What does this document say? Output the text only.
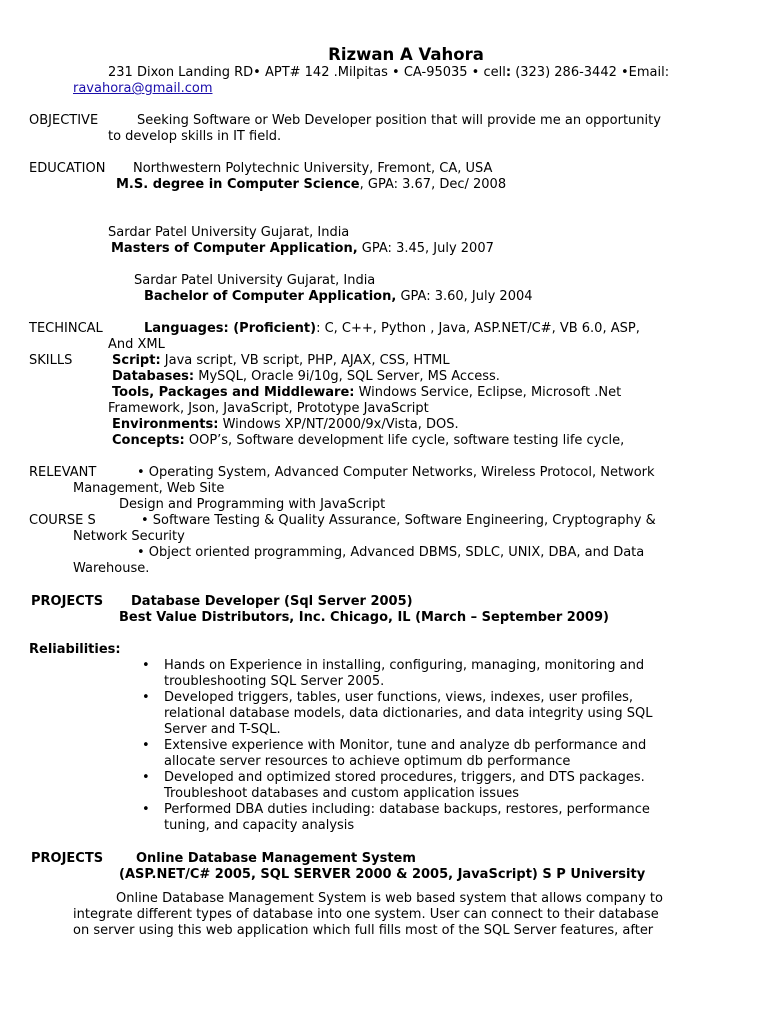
Rizwan A Vahora
231 Dixon Landing RD• APT# 142 .Milpitas • CA-95035 • cell: (323) 286-3442 •Email:
ravahora@gmail.com
OBJECTIVE	Seeking Software or Web Developer position that will provide me an opportunity
to develop skills in IT field.
EDUCATION Northwestern Polytechnic University, Fremont, CA, USA
M.S. degree in Computer Science, GPA: 3.67, Dec/ 2008
Sardar Patel University Gujarat, India
Masters of Computer Application, GPA: 3.45, July 2007
Sardar Patel University Gujarat, India
Bachelor of Computer Application, GPA: 3.60, July 2004
TECHINCAL	Languages: (Proficient): C, C++, Python , Java, ASP.NET/C#, VB 6.0, ASP,
And XML
SKILLS	Script: Java script, VB script, PHP, AJAX, CSS, HTML
Databases: MySQL, Oracle 9i/10g, SQL Server, MS Access.
Tools, Packages and Middleware: Windows Service, Eclipse, Microsoft .Net
Framework, Json, JavaScript, Prototype JavaScript
Environments: Windows XP/NT/2000/9x/Vista, DOS.
Concepts: OOP’s, Software development life cycle, software testing life cycle,
RELEVANT	• Operating System, Advanced Computer Networks, Wireless Protocol, Network
Management, Web Site
Design and Programming with JavaScript
COURSE S	• Software Testing & Quality Assurance, Software Engineering, Cryptography &
Network Security
• Object oriented programming, Advanced DBMS, SDLC, UNIX, DBA, and Data
Warehouse.
PROJECTS Database Developer (Sql Server 2005)
Best Value Distributors, Inc. Chicago, IL (March – September 2009)
Reliabilities:
• Hands on Experience in installing, configuring, managing, monitoring and
troubleshooting SQL Server 2005.
• Developed triggers, tables, user functions, views, indexes, user profiles,
relational database models, data dictionaries, and data integrity using SQL
Server and T-SQL.
• Extensive experience with Monitor, tune and analyze db performance and
allocate server resources to achieve optimum db performance
• Developed and optimized stored procedures, triggers, and DTS packages.
Troubleshoot databases and custom application issues
• Performed DBA duties including: database backups, restores, performance
tuning, and capacity analysis
PROJECTS	Online Database Management System
(ASP.NET/C# 2005, SQL SERVER 2000 & 2005, JavaScript) S P University
Online Database Management System is web based system that allows company to
integrate different types of database into one system. User can connect to their database
on server using this web application which full fills most of the SQL Server features, after
